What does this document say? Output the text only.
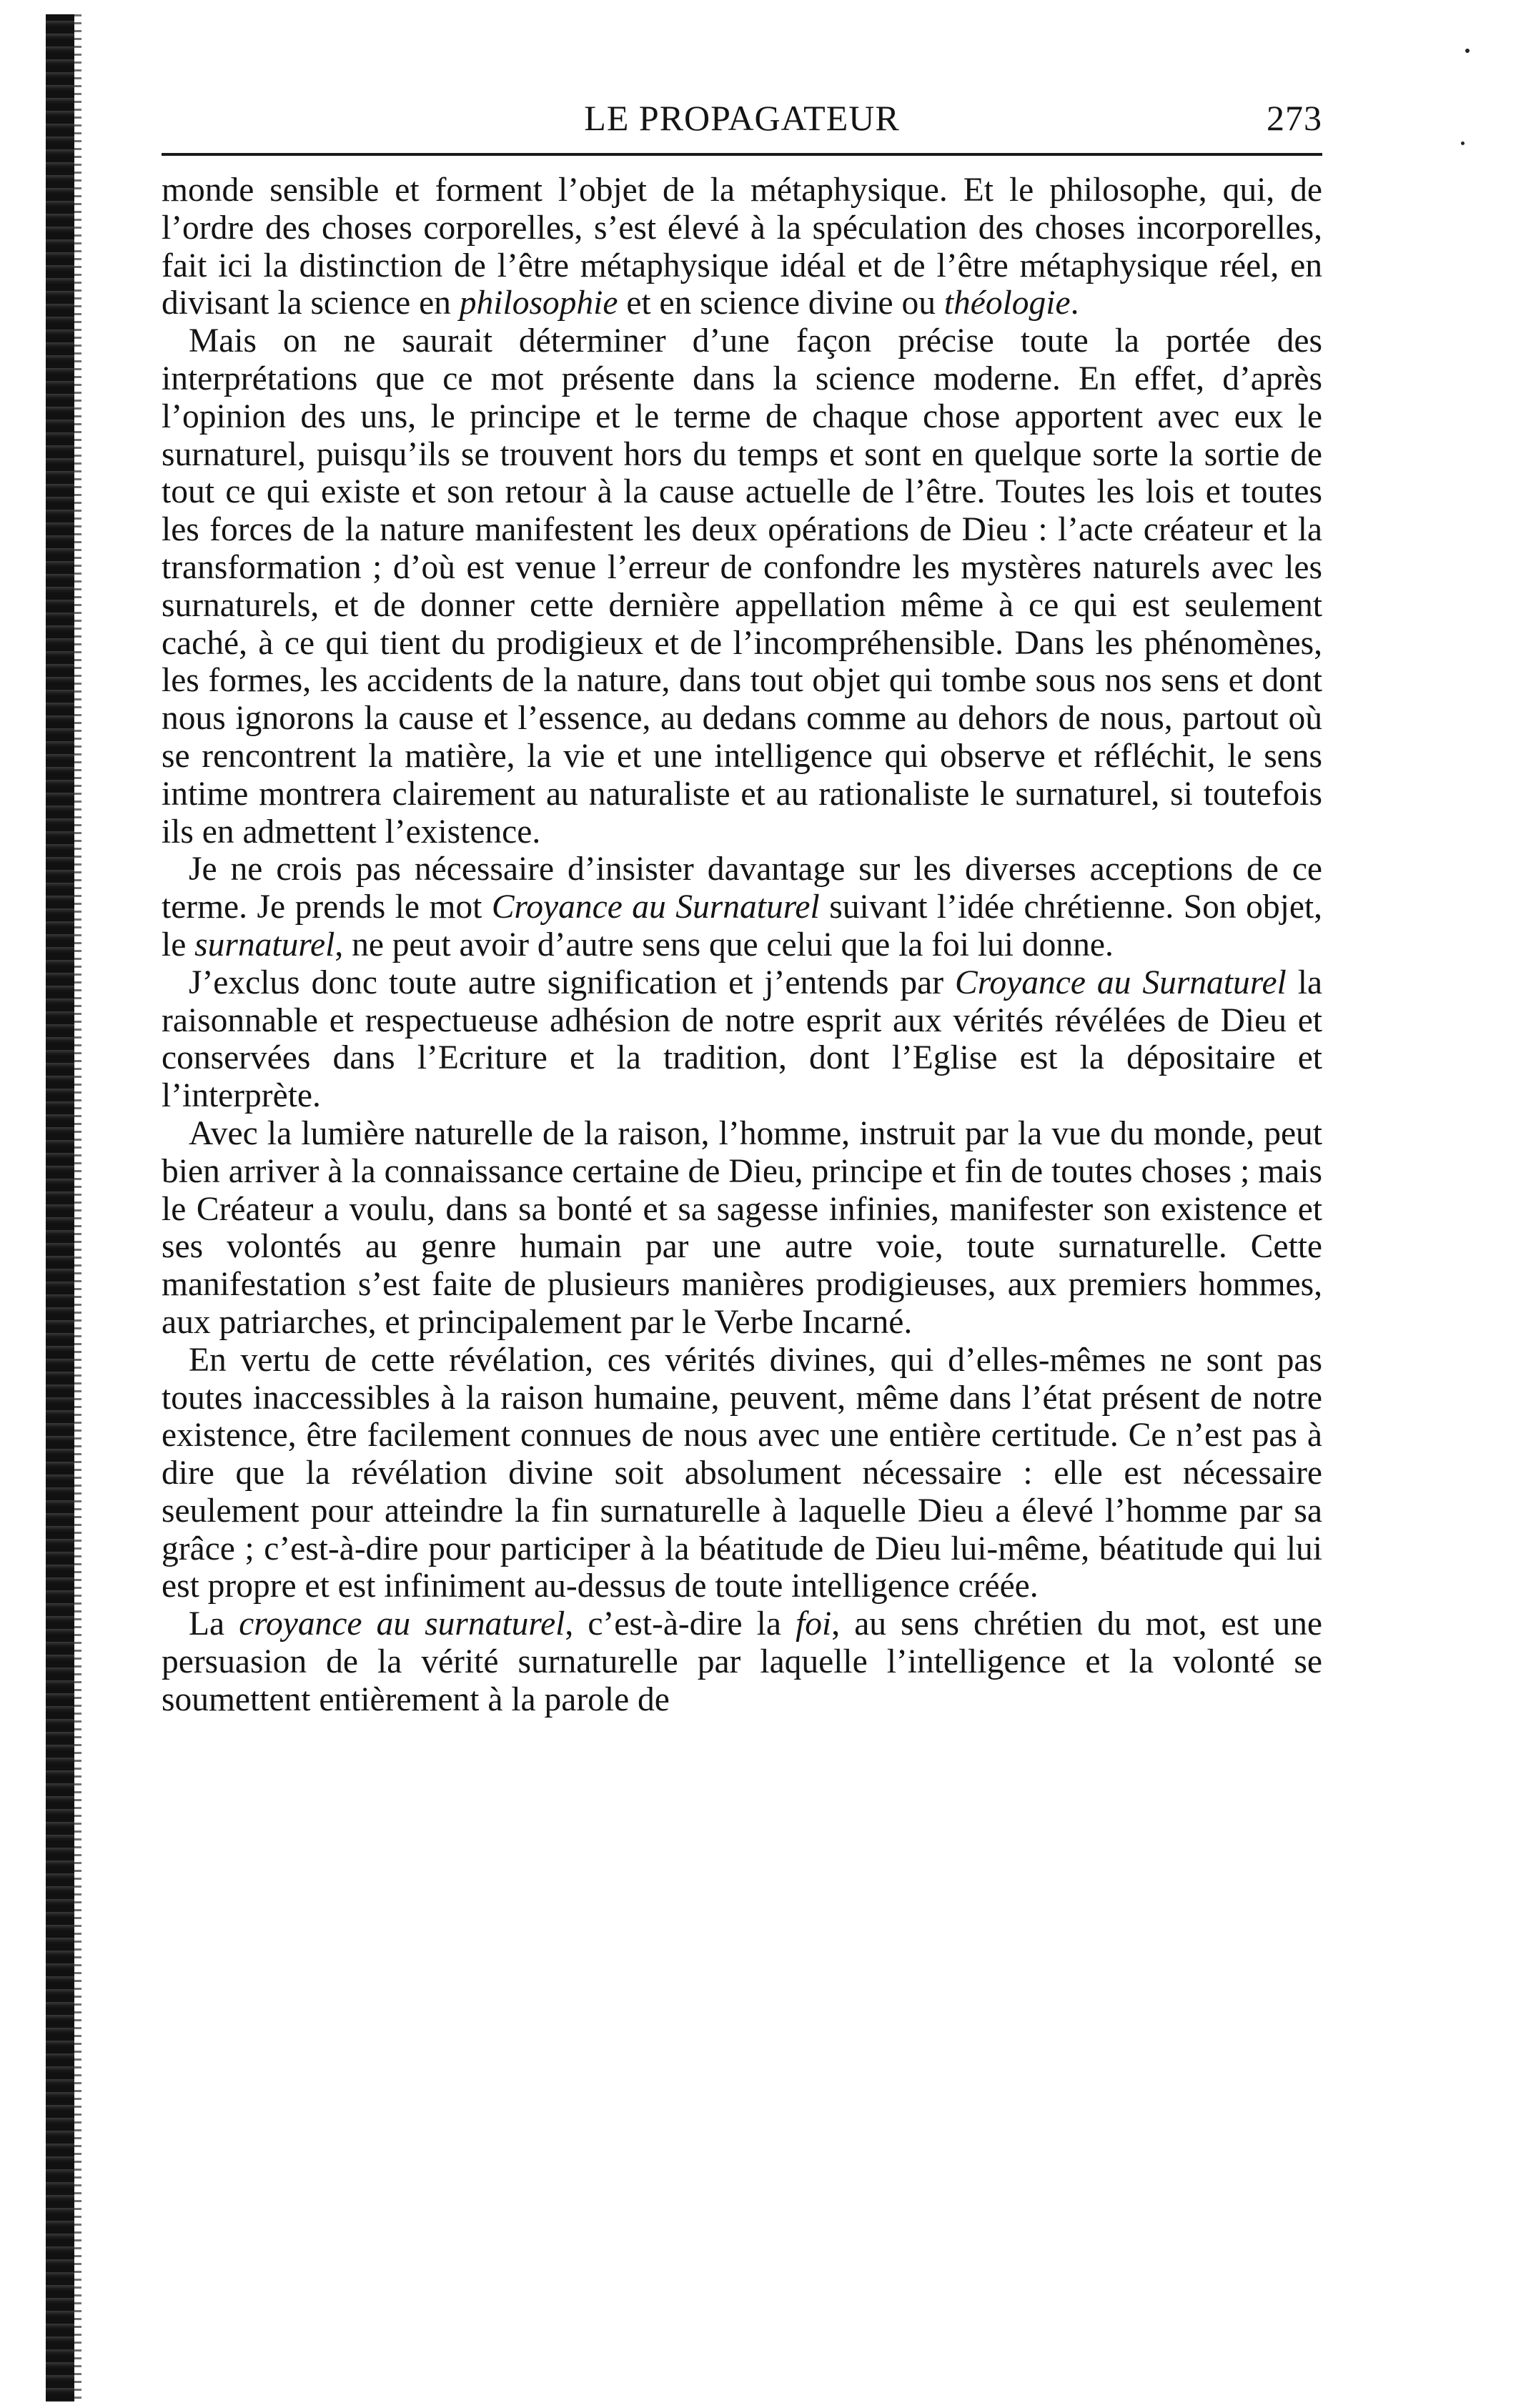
LE PROPAGATEUR	273

monde sensible et forment l’objet de la métaphysique. Et le philosophe, qui, de l’ordre des choses corporelles, s’est élevé à la spéculation des choses incorporelles, fait ici la distinction de l’être métaphysique idéal et de l’être métaphysique réel, en divisant la science en philosophie et en science divine ou théologie.

Mais on ne saurait déterminer d’une façon précise toute la portée des interprétations que ce mot présente dans la science moderne. En effet, d’après l’opinion des uns, le principe et le terme de chaque chose apportent avec eux le surnaturel, puisqu’ils se trouvent hors du temps et sont en quelque sorte la sortie de tout ce qui existe et son retour à la cause actuelle de l’être. Toutes les lois et toutes les forces de la nature manifestent les deux opérations de Dieu : l’acte créateur et la transformation ; d’où est venue l’erreur de confondre les mystères naturels avec les surnaturels, et de donner cette dernière appellation même à ce qui est seulement caché, à ce qui tient du prodigieux et de l’incompréhensible. Dans les phénomènes, les formes, les accidents de la nature, dans tout objet qui tombe sous nos sens et dont nous ignorons la cause et l’essence, au dedans comme au dehors de nous, partout où se rencontrent la matière, la vie et une intelligence qui observe et réfléchit, le sens intime montrera clairement au naturaliste et au rationaliste le surnaturel, si toutefois ils en admettent l’existence.

Je ne crois pas nécessaire d’insister davantage sur les diverses acceptions de ce terme. Je prends le mot Croyance au Surnaturel suivant l’idée chrétienne. Son objet, le surnaturel, ne peut avoir d’autre sens que celui que la foi lui donne.

J’exclus donc toute autre signification et j’entends par Croyance au Surnaturel la raisonnable et respectueuse adhésion de notre esprit aux vérités révélées de Dieu et conservées dans l’Ecriture et la tradition, dont l’Eglise est la dépositaire et l’interprète.

Avec la lumière naturelle de la raison, l’homme, instruit par la vue du monde, peut bien arriver à la connaissance certaine de Dieu, principe et fin de toutes choses ; mais le Créateur a voulu, dans sa bonté et sa sagesse infinies, manifester son existence et ses volontés au genre humain par une autre voie, toute surnaturelle. Cette manifestation s’est faite de plusieurs manières prodigieuses, aux premiers hommes, aux patriarches, et principalement par le Verbe Incarné.

En vertu de cette révélation, ces vérités divines, qui d’elles-mêmes ne sont pas toutes inaccessibles à la raison humaine, peuvent, même dans l’état présent de notre existence, être facilement connues de nous avec une entière certitude. Ce n’est pas à dire que la révélation divine soit absolument nécessaire : elle est nécessaire seulement pour atteindre la fin surnaturelle à laquelle Dieu a élevé l’homme par sa grâce ; c’est-à-dire pour participer à la béatitude de Dieu lui-même, béatitude qui lui est propre et est infiniment au-dessus de toute intelligence créée.

La croyance au surnaturel, c’est-à-dire la foi, au sens chrétien du mot, est une persuasion de la vérité surnaturelle par laquelle l’intelligence et la volonté se soumettent entièrement à la parole de
